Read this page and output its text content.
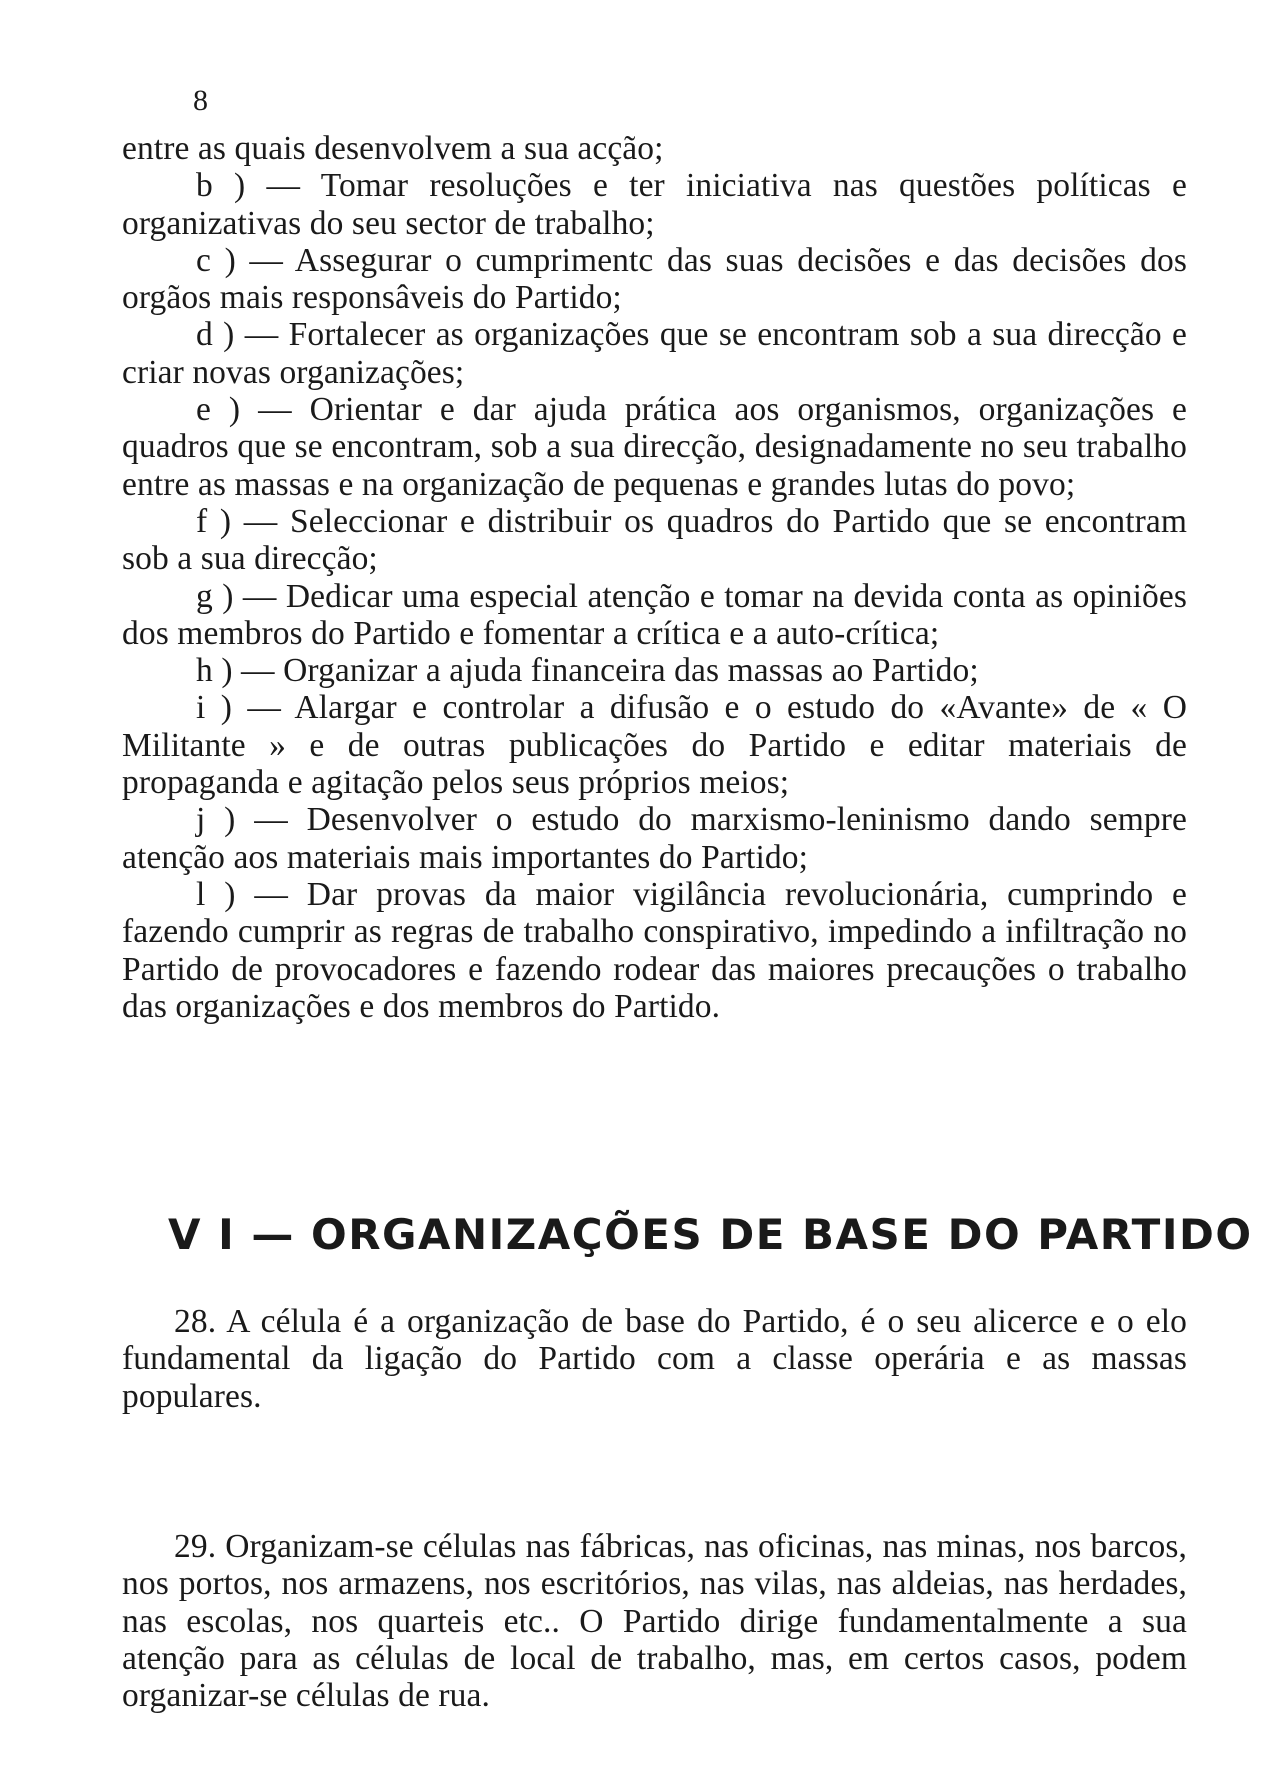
8

entre as quais desenvolvem a sua acção;

b ) — Tomar resoluções e ter iniciativa nas questões políticas e organizativas do seu sector de trabalho;

c ) — Assegurar o cumprimentc das suas decisões e das decisões dos orgãos mais responsâveis do Partido;

d ) — Fortalecer as organizações que se encontram sob a sua direcção e criar novas organizações;

e ) — Orientar e dar ajuda prática aos organismos, organizações e quadros que se encontram, sob a sua direcção, designadamente no seu trabalho entre as massas e na organização de pequenas e grandes lutas do povo;

f ) — Seleccionar e distribuir os quadros do Partido que se encontram sob a sua direcção;

g ) — Dedicar uma especial atenção e tomar na devida conta as opiniões dos membros do Partido e fomentar a crítica e a auto-crítica;

h ) — Organizar a ajuda financeira das massas ao Partido;

i ) — Alargar e controlar a difusão e o estudo do «Avante» de « O Militante » e de outras publicações do Partido e editar materiais de propaganda e agitação pelos seus próprios meios;

j ) — Desenvolver o estudo do marxismo-leninismo dando sempre atenção aos materiais mais importantes do Partido;

l ) — Dar provas da maior vigilância revolucionária, cumprindo e fazendo cumprir as regras de trabalho conspirativo, impedindo a infiltração no Partido de provocadores e fazendo rodear das maiores precauções o trabalho das organizações e dos membros do Partido.

V I — ORGANIZAÇÕES DE BASE DO PARTIDO

28. A célula é a organização de base do Partido, é o seu alicerce e o elo fundamental da ligação do Partido com a classe operária e as massas populares.

29. Organizam-se células nas fábricas, nas oficinas, nas minas, nos barcos, nos portos, nos armazens, nos escritórios, nas vilas, nas aldeias, nas herdades, nas escolas, nos quarteis etc.. O Partido dirige fundamentalmente a sua atenção para as células de local de trabalho, mas, em certos casos, podem organizar-se células de rua.
